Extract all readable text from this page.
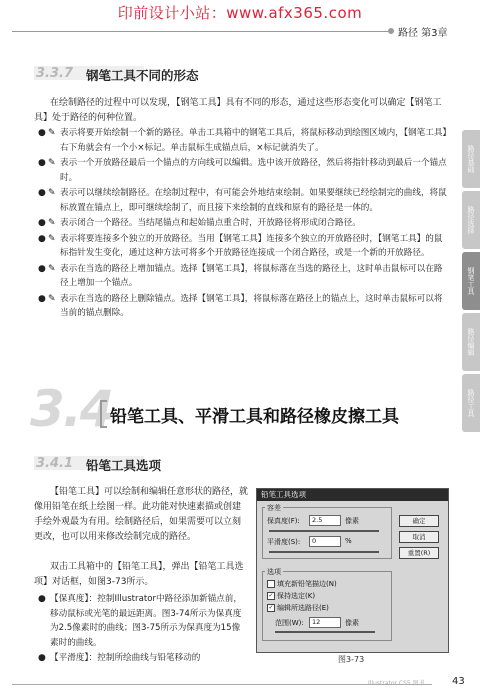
印前设计小站：www.afx365.com
路径 第3章
路径基础
路径选择
钢笔工具
路径编辑
路径工具
3.3.7 钢笔工具不同的形态
在绘制路径的过程中可以发现，【钢笔工具】具有不同的形态，通过这些形态变化可以确定【钢笔工具】处于路径的何种位置。
● ✎ 表示将要开始绘制一个新的路径。单击工具箱中的钢笔工具后，将鼠标移动到绘图区域内，【钢笔工具】右下角就会有一个小×标记。单击鼠标生成锚点后，×标记就消失了。
● ✎ 表示一个开放路径最后一个锚点的方向线可以编辑。选中该开放路径，然后将指针移动到最后一个锚点时。
● ✎ 表示可以继续绘制路径。在绘制过程中，有可能会外地结束绘制。如果要继续已经绘制完的曲线，将鼠标放置在锚点上，即可继续绘制了，而且接下来绘制的直线和原有的路径是一体的。
● ✎ 表示闭合一个路径。当结尾锚点和起始锚点重合时，开放路径将形成闭合路径。
● ✎ 表示将要连接多个独立的开放路径。当用【钢笔工具】连接多个独立的开放路径时，【钢笔工具】的鼠标指针发生变化，通过这种方法可将多个开放路径连接成一个闭合路径，或是一个新的开放路径。
● ✎ 表示在当选的路径上增加锚点。选择【钢笔工具】，将鼠标落在当选的路径上，这时单击鼠标可以在路径上增加一个锚点。
● ✎ 表示在当选的路径上删除锚点。选择【钢笔工具】，将鼠标落在路径上的锚点上，这时单击鼠标可以将当前的锚点删除。
3.4
铅笔工具、平滑工具和路径橡皮擦工具
3.4.1 铅笔工具选项
【铅笔工具】可以绘制和编辑任意形状的路径，就像用铅笔在纸上绘图一样。此功能对快速素描或创建手绘外观最为有用。绘制路径后，如果需要可以立刻更改，也可以用来修改绘制完成的路径。
双击工具箱中的【铅笔工具】，弹出【铅笔工具选项】对话框，如图3-73所示。
● 【保真度】：控制Illustrator中路径添加新锚点前，移动鼠标或光笔的最远距离。图3-74所示为保真度为2.5像素时的曲线；图3-75所示为保真度为15像素时的曲线。
● 【平滑度】：控制所绘曲线与铅笔移动的
铅笔工具选项
容差
保真度(F):	2.5	像素
平滑度(S):	0	%
选项
填充新铅笔描边(N)
✓ 保持选定(K)
✓ 编辑所选路径(E)
范围(W):	12	像素
确定
取消
重置(R)
图3-73
Illustrator CS5 图书	43
